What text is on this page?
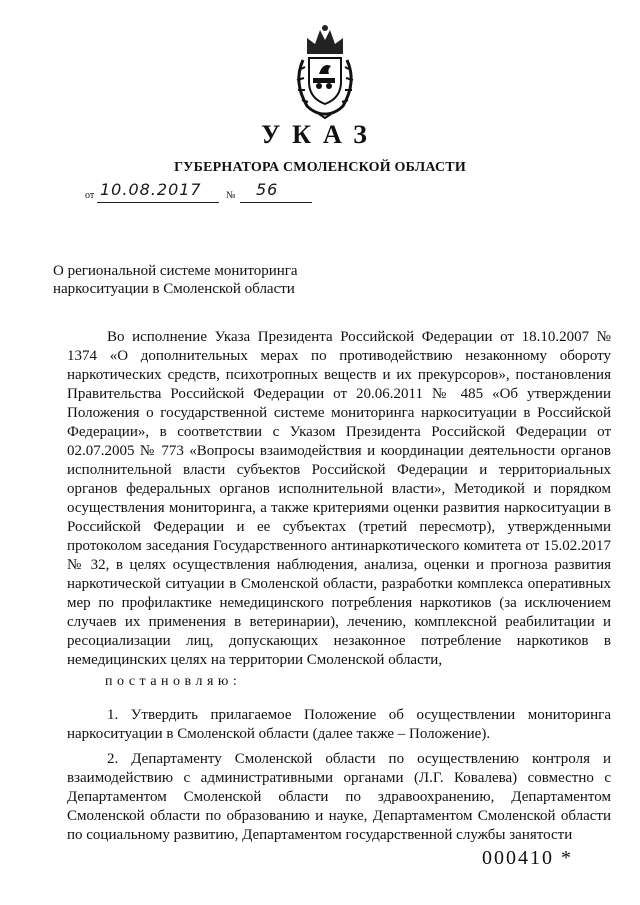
УКАЗ
ГУБЕРНАТОРА СМОЛЕНСКОЙ ОБЛАСТИ
от 10.08.2017 № 56
О региональной системе мониторинга наркоситуации в Смоленской области

Во исполнение Указа Президента Российской Федерации от 18.10.2007 № 1374 «О дополнительных мерах по противодействию незаконному обороту наркотических средств, психотропных веществ и их прекурсоров», постановления Правительства Российской Федерации от 20.06.2011 № 485 «Об утверждении Положения о государственной системе мониторинга наркоситуации в Российской Федерации», в соответствии с Указом Президента Российской Федерации от 02.07.2005 № 773 «Вопросы взаимодействия и координации деятельности органов исполнительной власти субъектов Российской Федерации и территориальных органов федеральных органов исполнительной власти», Методикой и порядком осуществления мониторинга, а также критериями оценки развития наркоситуации в Российской Федерации и ее субъектах (третий пересмотр), утвержденными протоколом заседания Государственного антинаркотического комитета от 15.02.2017 № 32, в целях осуществления наблюдения, анализа, оценки и прогноза развития наркотической ситуации в Смоленской области, разработки комплекса оперативных мер по профилактике немедицинского потребления наркотиков (за исключением случаев их применения в ветеринарии), лечению, комплексной реабилитации и ресоциализации лиц, допускающих незаконное потребление наркотиков в немедицинских целях на территории Смоленской области,

постановляю:

1. Утвердить прилагаемое Положение об осуществлении мониторинга наркоситуации в Смоленской области (далее также – Положение).

2. Департаменту Смоленской области по осуществлению контроля и взаимодействию с административными органами (Л.Г. Ковалева) совместно с Департаментом Смоленской области по здравоохранению, Департаментом Смоленской области по образованию и науке, Департаментом Смоленской области по социальному развитию, Департаментом государственной службы занятости

000410 *
